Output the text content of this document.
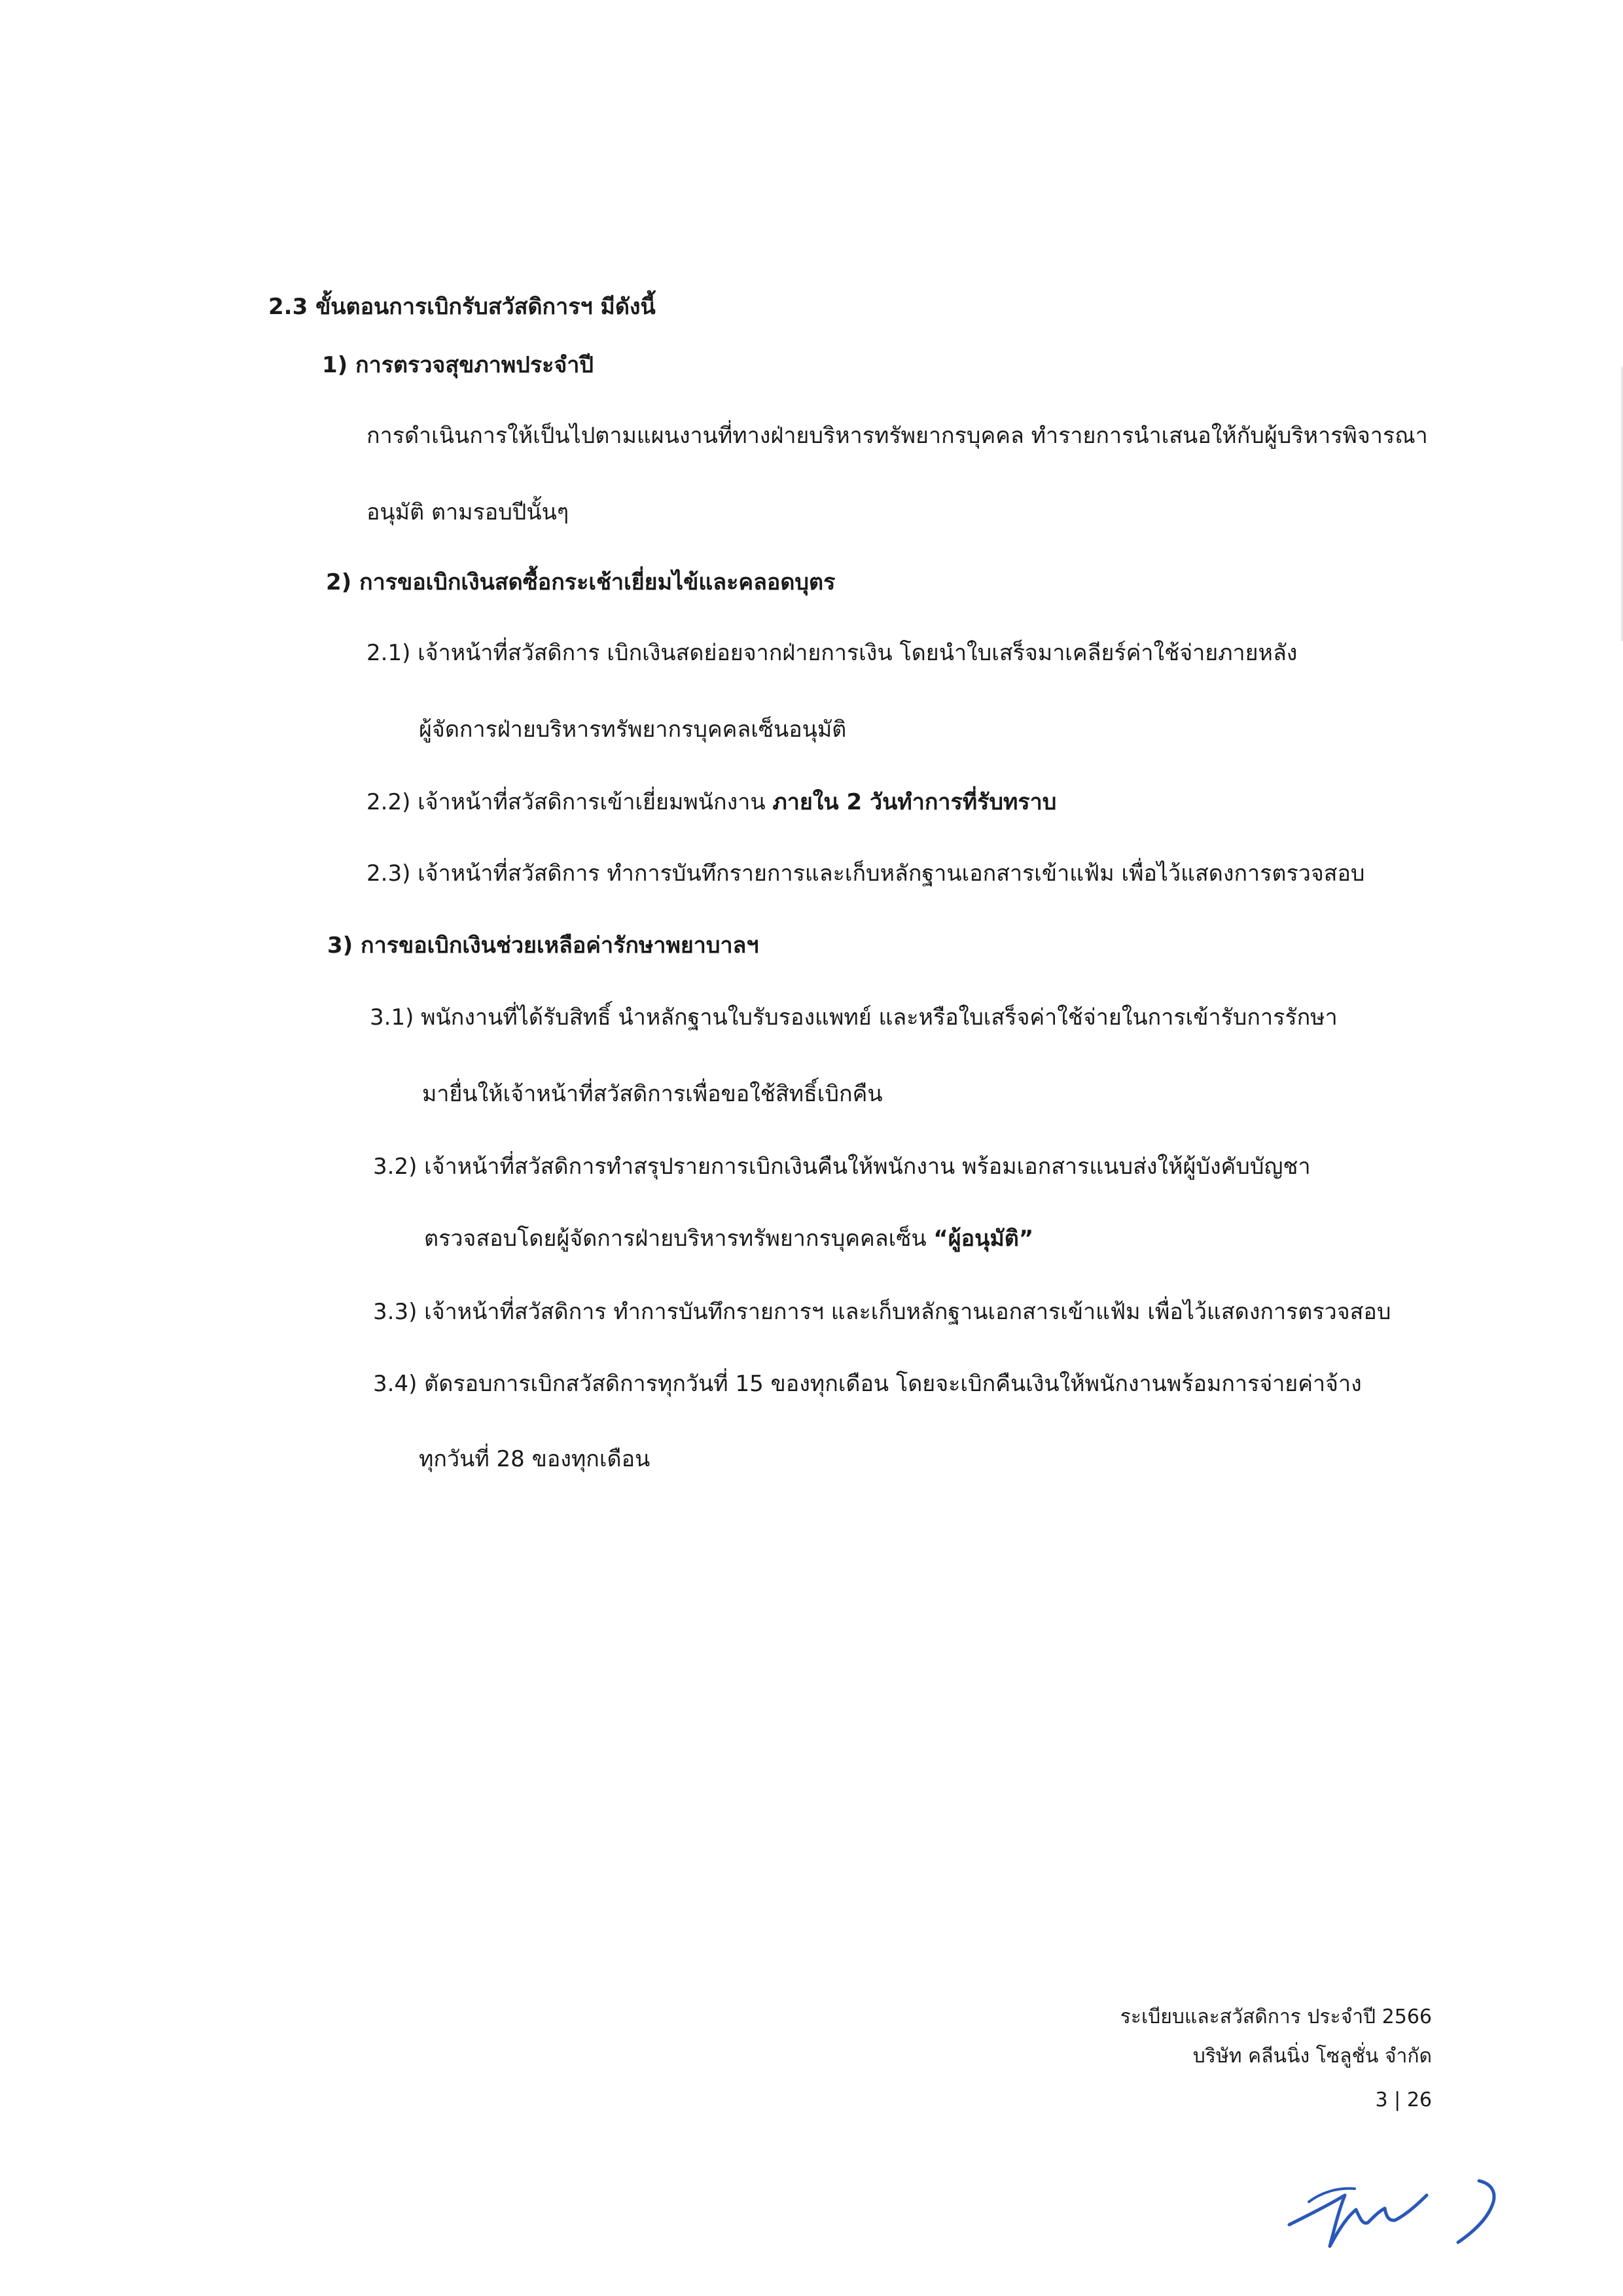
2.3 ขั้นตอนการเบิกรับสวัสดิการฯ มีดังนี้
1) การตรวจสุขภาพประจำปี
การดำเนินการให้เป็นไปตามแผนงานที่ทางฝ่ายบริหารทรัพยากรบุคคล ทำรายการนำเสนอให้กับผู้บริหารพิจารณา
อนุมัติ ตามรอบปีนั้นๆ
2) การขอเบิกเงินสดซื้อกระเช้าเยี่ยมไข้และคลอดบุตร
2.1) เจ้าหน้าที่สวัสดิการ เบิกเงินสดย่อยจากฝ่ายการเงิน โดยนำใบเสร็จมาเคลียร์ค่าใช้จ่ายภายหลัง
ผู้จัดการฝ่ายบริหารทรัพยากรบุคคลเซ็นอนุมัติ
2.2) เจ้าหน้าที่สวัสดิการเข้าเยี่ยมพนักงาน ภายใน 2 วันทำการที่รับทราบ
2.3) เจ้าหน้าที่สวัสดิการ ทำการบันทึกรายการและเก็บหลักฐานเอกสารเข้าแฟ้ม เพื่อไว้แสดงการตรวจสอบ
3) การขอเบิกเงินช่วยเหลือค่ารักษาพยาบาลฯ
3.1) พนักงานที่ได้รับสิทธิ์ นำหลักฐานใบรับรองแพทย์ และหรือใบเสร็จค่าใช้จ่ายในการเข้ารับการรักษา
มายื่นให้เจ้าหน้าที่สวัสดิการเพื่อขอใช้สิทธิ์เบิกคืน
3.2) เจ้าหน้าที่สวัสดิการทำสรุปรายการเบิกเงินคืนให้พนักงาน พร้อมเอกสารแนบส่งให้ผู้บังคับบัญชา
ตรวจสอบโดยผู้จัดการฝ่ายบริหารทรัพยากรบุคคลเซ็น “ผู้อนุมัติ”
3.3) เจ้าหน้าที่สวัสดิการ ทำการบันทึกรายการฯ และเก็บหลักฐานเอกสารเข้าแฟ้ม เพื่อไว้แสดงการตรวจสอบ
3.4) ตัดรอบการเบิกสวัสดิการทุกวันที่ 15 ของทุกเดือน โดยจะเบิกคืนเงินให้พนักงานพร้อมการจ่ายค่าจ้าง
ทุกวันที่ 28 ของทุกเดือน
ระเบียบและสวัสดิการ ประจำปี 2566
บริษัท คลีนนิ่ง โซลูชั่น จำกัด
3 | 26
